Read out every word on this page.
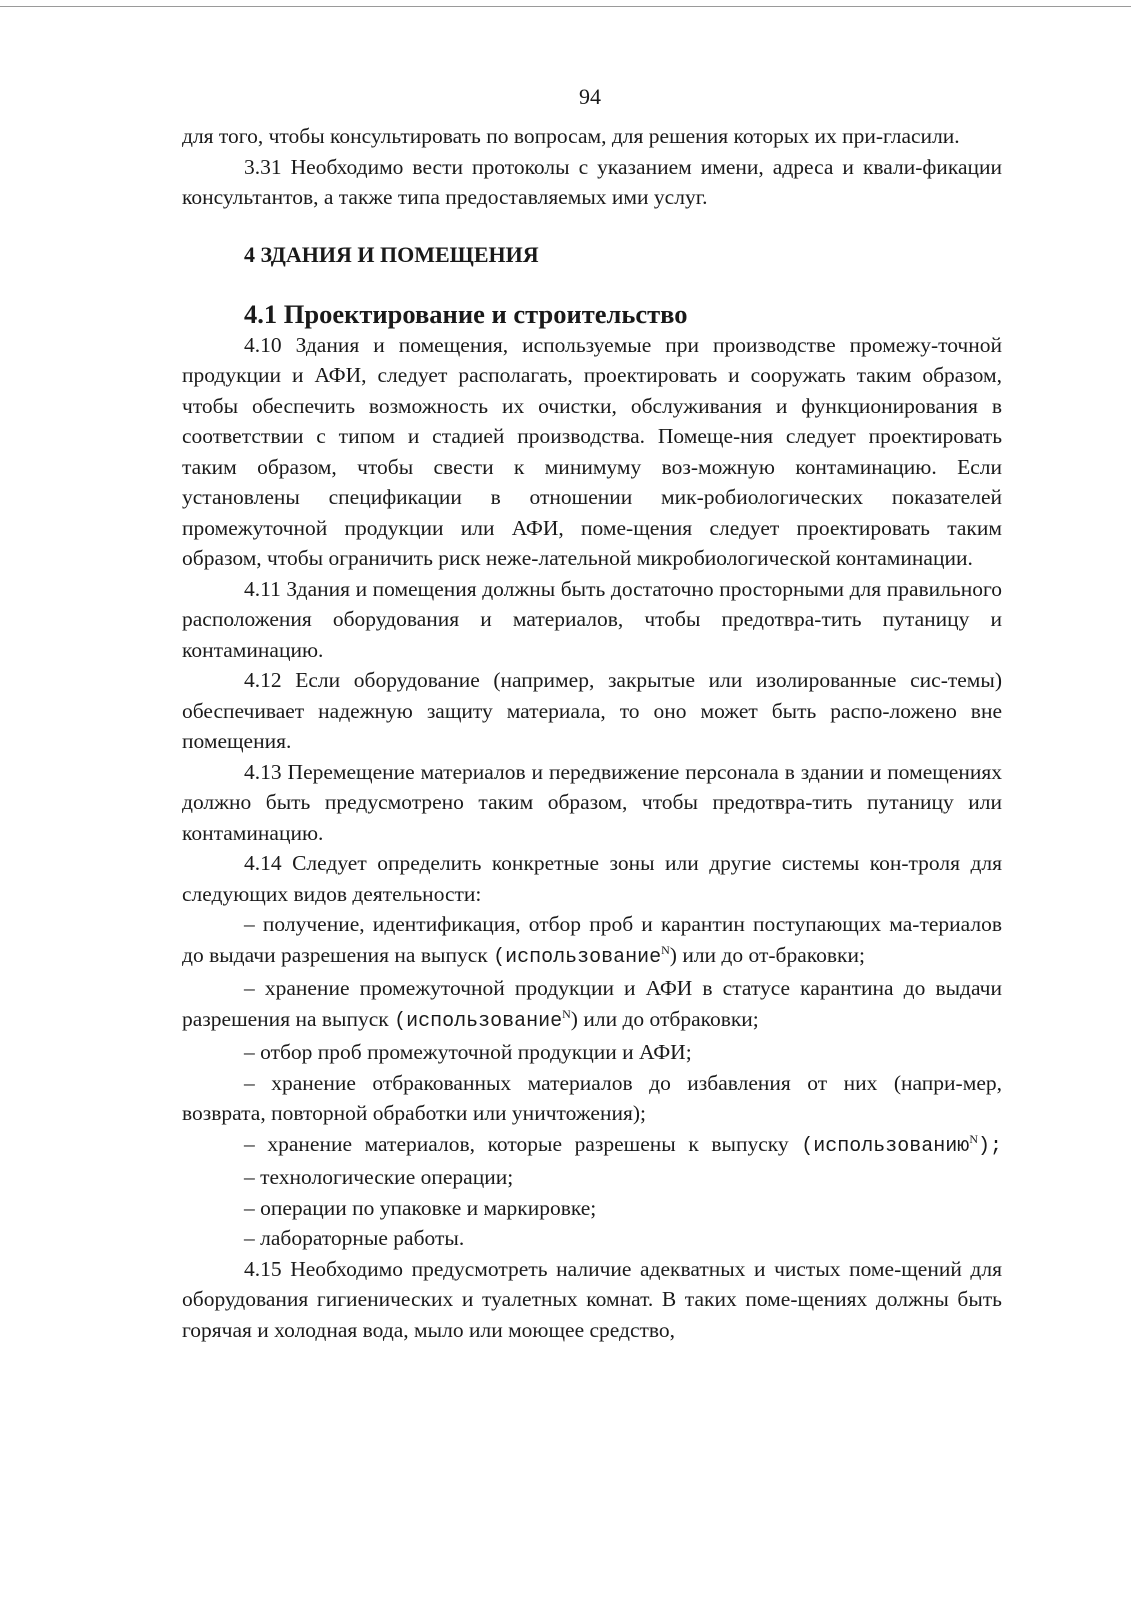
94

для того, чтобы консультировать по вопросам, для решения которых их при-гласили.

3.31 Необходимо вести протоколы с указанием имени, адреса и квали-фикации консультантов, а также типа предоставляемых ими услуг.

4 ЗДАНИЯ И ПОМЕЩЕНИЯ
4.1 Проектирование и строительство

4.10 Здания и помещения, используемые при производстве промежу-точной продукции и АФИ, следует располагать, проектировать и сооружать таким образом, чтобы обеспечить возможность их очистки, обслуживания и функционирования в соответствии с типом и стадией производства. Помеще-ния следует проектировать таким образом, чтобы свести к минимуму воз-можную контаминацию. Если установлены спецификации в отношении мик-робиологических показателей промежуточной продукции или АФИ, поме-щения следует проектировать таким образом, чтобы ограничить риск нежe-лательной микробиологической контаминации.

4.11 Здания и помещения должны быть достаточно просторными для правильного расположения оборудования и материалов, чтобы предотвра-тить путаницу и контаминацию.

4.12 Если оборудование (например, закрытые или изолированные сис-темы) обеспечивает надежную защиту материала, то оно может быть распо-ложено вне помещения.

4.13 Перемещение материалов и передвижение персонала в здании и помещениях должно быть предусмотрено таким образом, чтобы предотвра-тить путаницу или контаминацию.

4.14 Следует определить конкретные зоны или другие системы кон-троля для следующих видов деятельности:

– получение, идентификация, отбор проб и карантин поступающих ма-териалов до выдачи разрешения на выпуск (использование$^N$) или до от-браковки;

– хранение промежуточной продукции и АФИ в статусе карантина до выдачи разрешения на выпуск (использование$^N$) или до отбраковки;

– отбор проб промежуточной продукции и АФИ;

– хранение отбракованных материалов до избавления от них (напри-мер, возврата, повторной обработки или уничтожения);

– хранение материалов, которые разрешены к выпуску (использованию$^N$);

– технологические операции;

– операции по упаковке и маркировке;

– лабораторные работы.

4.15 Необходимо предусмотреть наличие адекватных и чистых поме-щений для оборудования гигиенических и туалетных комнат. В таких поме-щениях должны быть горячая и холодная вода, мыло или моющее средство,
